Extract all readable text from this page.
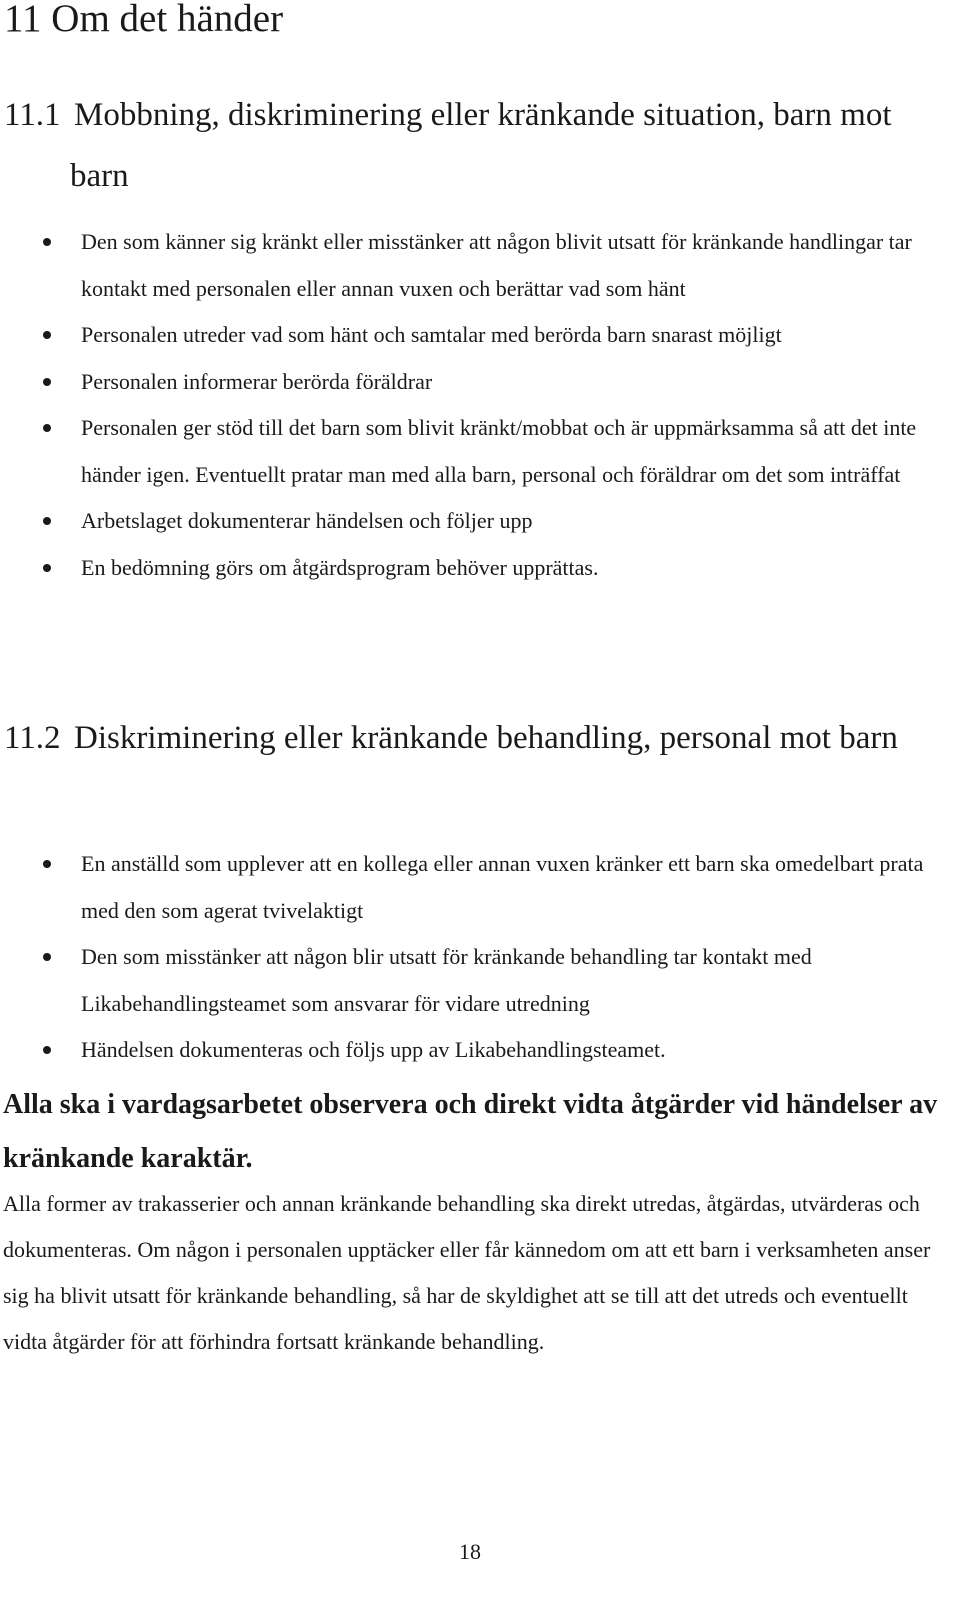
11 Om det händer
11.1 Mobbning, diskriminering eller kränkande situation, barn mot barn
Den som känner sig kränkt eller misstänker att någon blivit utsatt för kränkande handlingar tar kontakt med personalen eller annan vuxen och berättar vad som hänt
Personalen utreder vad som hänt och samtalar med berörda barn snarast möjligt
Personalen informerar berörda föräldrar
Personalen ger stöd till det barn som blivit kränkt/mobbat och är uppmärksamma så att det inte händer igen. Eventuellt pratar man med alla barn, personal och föräldrar om det som inträffat
Arbetslaget dokumenterar händelsen och följer upp
En bedömning görs om åtgärdsprogram behöver upprättas.
11.2 Diskriminering eller kränkande behandling, personal mot barn
En anställd som upplever att en kollega eller annan vuxen kränker ett barn ska omedelbart prata med den som agerat tvivelaktigt
Den som misstänker att någon blir utsatt för kränkande behandling tar kontakt med Likabehandlingsteamet som ansvarar för vidare utredning
Händelsen dokumenteras och följs upp av Likabehandlingsteamet.

Alla ska i vardagsarbetet observera och direkt vidta åtgärder vid händelser av kränkande karaktär.

Alla former av trakasserier och annan kränkande behandling ska direkt utredas, åtgärdas, utvärderas och dokumenteras. Om någon i personalen upptäcker eller får kännedom om att ett barn i verksamheten anser sig ha blivit utsatt för kränkande behandling, så har de skyldighet att se till att det utreds och eventuellt vidta åtgärder för att förhindra fortsatt kränkande behandling.

18
